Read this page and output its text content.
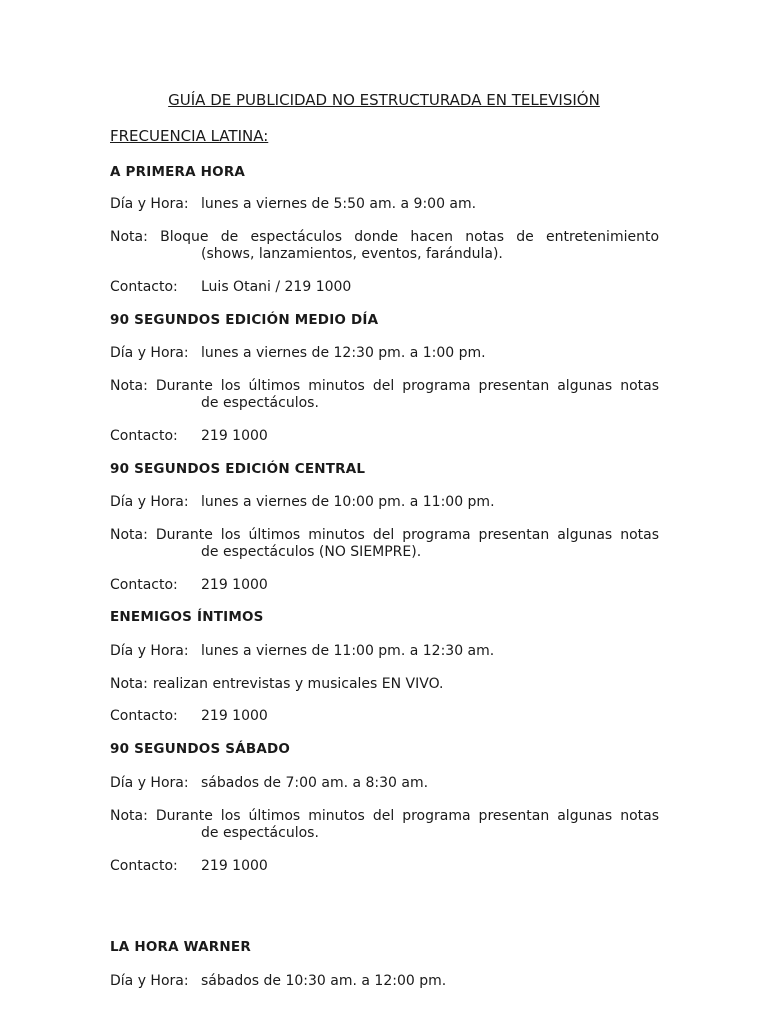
GUÍA DE PUBLICIDAD NO ESTRUCTURADA EN TELEVISIÓN
FRECUENCIA LATINA:
A PRIMERA HORA

Día y Hora: lunes a viernes de 5:50 am. a 9:00 am.

Nota: Bloque de espectáculos donde hacen notas de entretenimiento
(shows, lanzamientos, eventos, farándula).

Contacto: Luis Otani / 219 1000

90 SEGUNDOS EDICIÓN MEDIO DÍA

Día y Hora: lunes a viernes de 12:30 pm. a 1:00 pm.

Nota: Durante los últimos minutos del programa presentan algunas notas
de espectáculos.

Contacto: 219 1000

90 SEGUNDOS EDICIÓN CENTRAL

Día y Hora: lunes a viernes de 10:00 pm. a 11:00 pm.

Nota: Durante los últimos minutos del programa presentan algunas notas
de espectáculos (NO SIEMPRE).

Contacto: 219 1000

ENEMIGOS ÍNTIMOS

Día y Hora: lunes a viernes de 11:00 pm. a 12:30 am.

Nota: realizan entrevistas y musicales EN VIVO.

Contacto: 219 1000

90 SEGUNDOS SÁBADO

Día y Hora: sábados de 7:00 am. a 8:30 am.

Nota: Durante los últimos minutos del programa presentan algunas notas
de espectáculos.

Contacto: 219 1000

LA HORA WARNER

Día y Hora: sábados de 10:30 am. a 12:00 pm.
